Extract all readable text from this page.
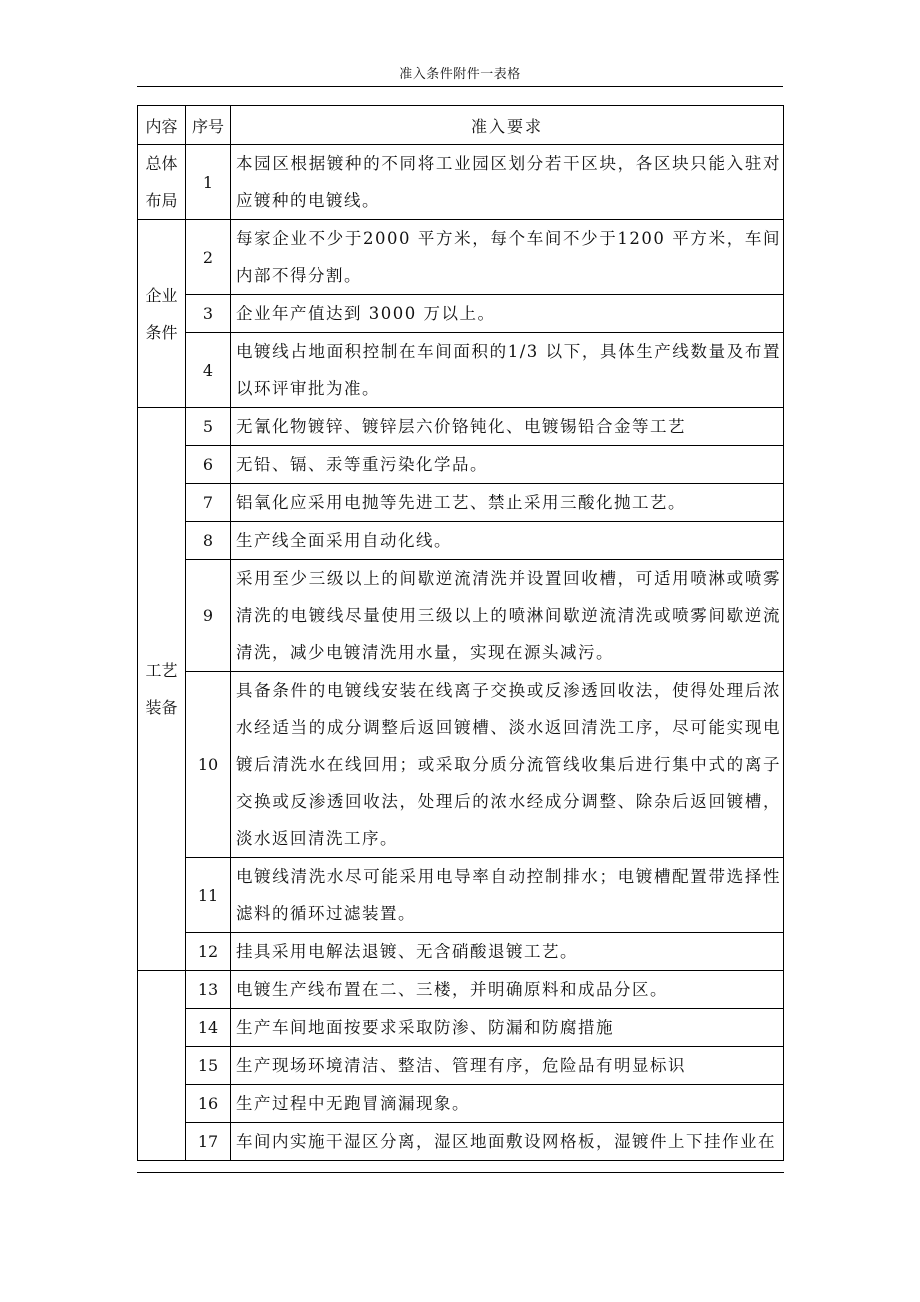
准入条件附件一表格
内容	序号	准入要求
总体布局	1	本园区根据镀种的不同将工业园区划分若干区块，各区块只能入驻对应镀种的电镀线。
企业条件	2	每家企业不少于2000 平方米，每个车间不少于1200 平方米，车间内部不得分割。
	3	企业年产值达到 3000 万以上。
	4	电镀线占地面积控制在车间面积的1/3 以下，具体生产线数量及布置以环评审批为准。
工艺装备	5	无氰化物镀锌、镀锌层六价铬钝化、电镀锡铅合金等工艺
	6	无铅、镉、汞等重污染化学品。
	7	铝氧化应采用电抛等先进工艺、禁止采用三酸化抛工艺。
	8	生产线全面采用自动化线。
	9	采用至少三级以上的间歇逆流清洗并设置回收槽，可适用喷淋或喷雾清洗的电镀线尽量使用三级以上的喷淋间歇逆流清洗或喷雾间歇逆流清洗，减少电镀清洗用水量，实现在源头减污。
	10	具备条件的电镀线安装在线离子交换或反渗透回收法，使得处理后浓水经适当的成分调整后返回镀槽、淡水返回清洗工序，尽可能实现电镀后清洗水在线回用；或采取分质分流管线收集后进行集中式的离子交换或反渗透回收法，处理后的浓水经成分调整、除杂后返回镀槽，淡水返回清洗工序。
	11	电镀线清洗水尽可能采用电导率自动控制排水；电镀槽配置带选择性滤料的循环过滤装置。
	12	挂具采用电解法退镀、无含硝酸退镀工艺。
	13	电镀生产线布置在二、三楼，并明确原料和成品分区。
	14	生产车间地面按要求采取防渗、防漏和防腐措施
	15	生产现场环境清洁、整洁、管理有序，危险品有明显标识
	16	生产过程中无跑冒滴漏现象。
	17	车间内实施干湿区分离，湿区地面敷设网格板，湿镀件上下挂作业在
